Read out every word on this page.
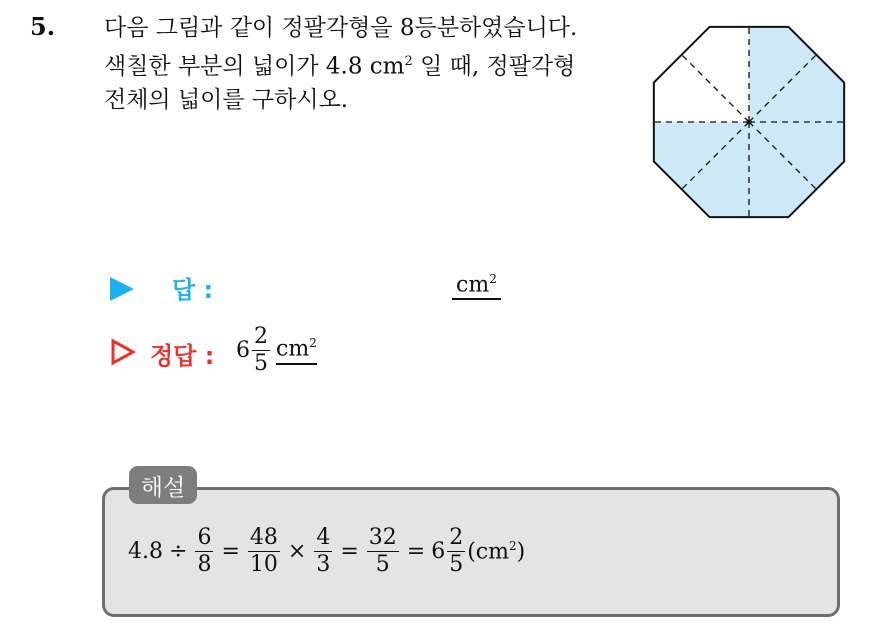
5. 다음 그림과 같이 정팔각형을 8등분하였습니다.
색칠한 부분의 넓이가 4.8 $cm^2$ 일 때, 정팔각형
전체의 넓이를 구하시오.
답 :	$cm^2$
정답 : $6 \frac{2}{5} cm^2$
해설
$4.8 \div \frac{6}{8} = \frac{48}{10} \times \frac{4}{3} = \frac{32}{5} = 6 \frac{2}{5} (cm^2)$
